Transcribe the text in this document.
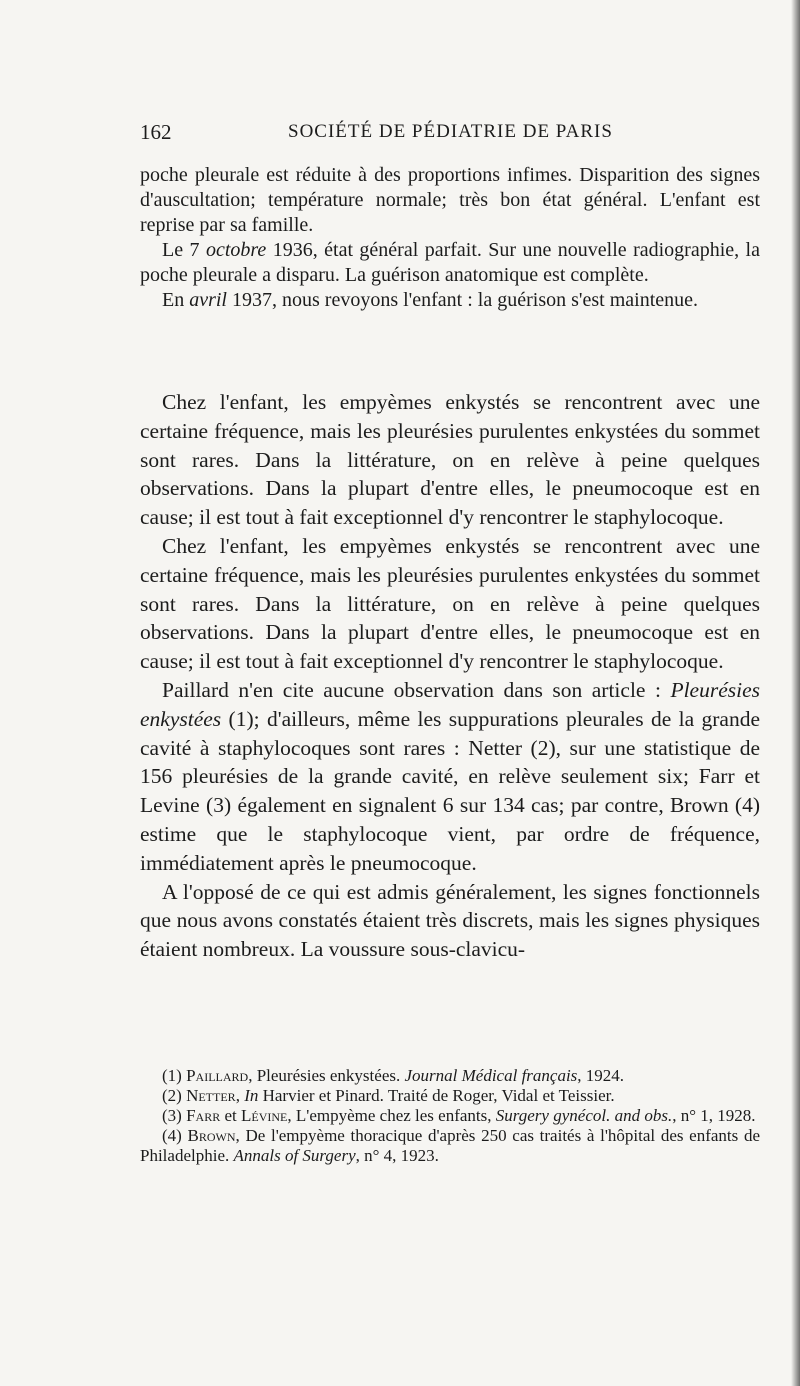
162	SOCIÉTÉ DE PÉDIATRIE DE PARIS

poche pleurale est réduite à des proportions infimes. Disparition des signes d'auscultation; température normale; très bon état général. L'enfant est reprise par sa famille.

Le 7 octobre 1936, état général parfait. Sur une nouvelle radiographie, la poche pleurale a disparu. La guérison anatomique est complète.

En avril 1937, nous revoyons l'enfant : la guérison s'est maintenue.

Chez l'enfant, les empyèmes enkystés se rencontrent avec une certaine fréquence, mais les pleurésies purulentes enkystées du sommet sont rares. Dans la littérature, on en relève à peine quelques observations. Dans la plupart d'entre elles, le pneumocoque est en cause; il est tout à fait exceptionnel d'y rencontrer le staphylocoque.

Chez l'enfant, les empyèmes enkystés se rencontrent avec une certaine fréquence, mais les pleurésies purulentes enkystées du sommet sont rares. Dans la littérature, on en relève à peine quelques observations. Dans la plupart d'entre elles, le pneumocoque est en cause; il est tout à fait exceptionnel d'y rencontrer le staphylocoque.

Paillard n'en cite aucune observation dans son article : Pleurésies enkystées (1); d'ailleurs, même les suppurations pleurales de la grande cavité à staphylocoques sont rares : Netter (2), sur une statistique de 156 pleurésies de la grande cavité, en relève seulement six; Farr et Levine (3) également en signalent 6 sur 134 cas; par contre, Brown (4) estime que le staphylocoque vient, par ordre de fréquence, immédiatement après le pneumocoque.

A l'opposé de ce qui est admis généralement, les signes fonctionnels que nous avons constatés étaient très discrets, mais les signes physiques étaient nombreux. La voussure sous-clavicu-

(1) Paillard, Pleurésies enkystées. Journal Médical français, 1924.

(2) Netter, In Harvier et Pinard. Traité de Roger, Vidal et Teissier.

(3) Farr et Lévine, L'empyème chez les enfants, Surgery gynécol. and obs., n° 1, 1928.

(4) Brown, De l'empyème thoracique d'après 250 cas traités à l'hôpital des enfants de Philadelphie. Annals of Surgery, n° 4, 1923.
